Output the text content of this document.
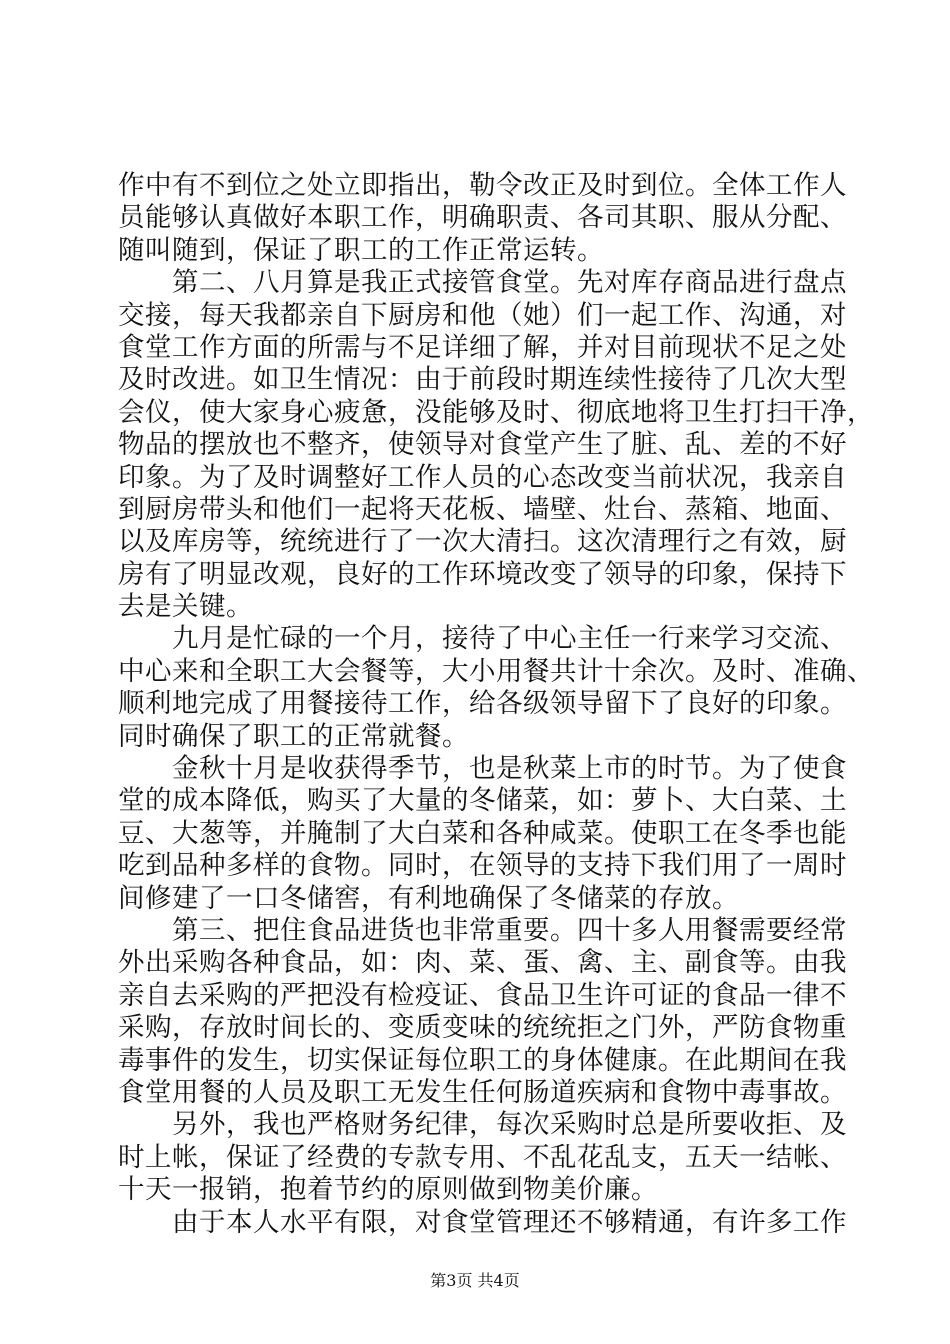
作中有不到位之处立即指出，勒令改正及时到位。全体工作人
员能够认真做好本职工作，明确职责、各司其职、服从分配、
随叫随到，保证了职工的工作正常运转。
　　第二、八月算是我正式接管食堂。先对库存商品进行盘点
交接，每天我都亲自下厨房和他（她）们一起工作、沟通，对
食堂工作方面的所需与不足详细了解，并对目前现状不足之处
及时改进。如卫生情况：由于前段时期连续性接待了几次大型
会仪，使大家身心疲惫，没能够及时、彻底地将卫生打扫干净，
物品的摆放也不整齐，使领导对食堂产生了脏、乱、差的不好
印象。为了及时调整好工作人员的心态改变当前状况，我亲自
到厨房带头和他们一起将天花板、墙壁、灶台、蒸箱、地面、
以及库房等，统统进行了一次大清扫。这次清理行之有效，厨
房有了明显改观，良好的工作环境改变了领导的印象，保持下
去是关键。
　　九月是忙碌的一个月，接待了中心主任一行来学习交流、
中心来和全职工大会餐等，大小用餐共计十余次。及时、准确、
顺利地完成了用餐接待工作，给各级领导留下了良好的印象。
同时确保了职工的正常就餐。
　　金秋十月是收获得季节，也是秋菜上市的时节。为了使食
堂的成本降低，购买了大量的冬储菜，如：萝卜、大白菜、土
豆、大葱等，并腌制了大白菜和各种咸菜。使职工在冬季也能
吃到品种多样的食物。同时，在领导的支持下我们用了一周时
间修建了一口冬储窖，有利地确保了冬储菜的存放。
　　第三、把住食品进货也非常重要。四十多人用餐需要经常
外出采购各种食品，如：肉、菜、蛋、禽、主、副食等。由我
亲自去采购的严把没有检疫证、食品卫生许可证的食品一律不
采购，存放时间长的、变质变味的统统拒之门外，严防食物重
毒事件的发生，切实保证每位职工的身体健康。在此期间在我
食堂用餐的人员及职工无发生任何肠道疾病和食物中毒事故。
　　另外，我也严格财务纪律，每次采购时总是所要收拒、及
时上帐，保证了经费的专款专用、不乱花乱支，五天一结帐、
十天一报销，抱着节约的原则做到物美价廉。
　　由于本人水平有限，对食堂管理还不够精通，有许多工作
第3页 共4页
